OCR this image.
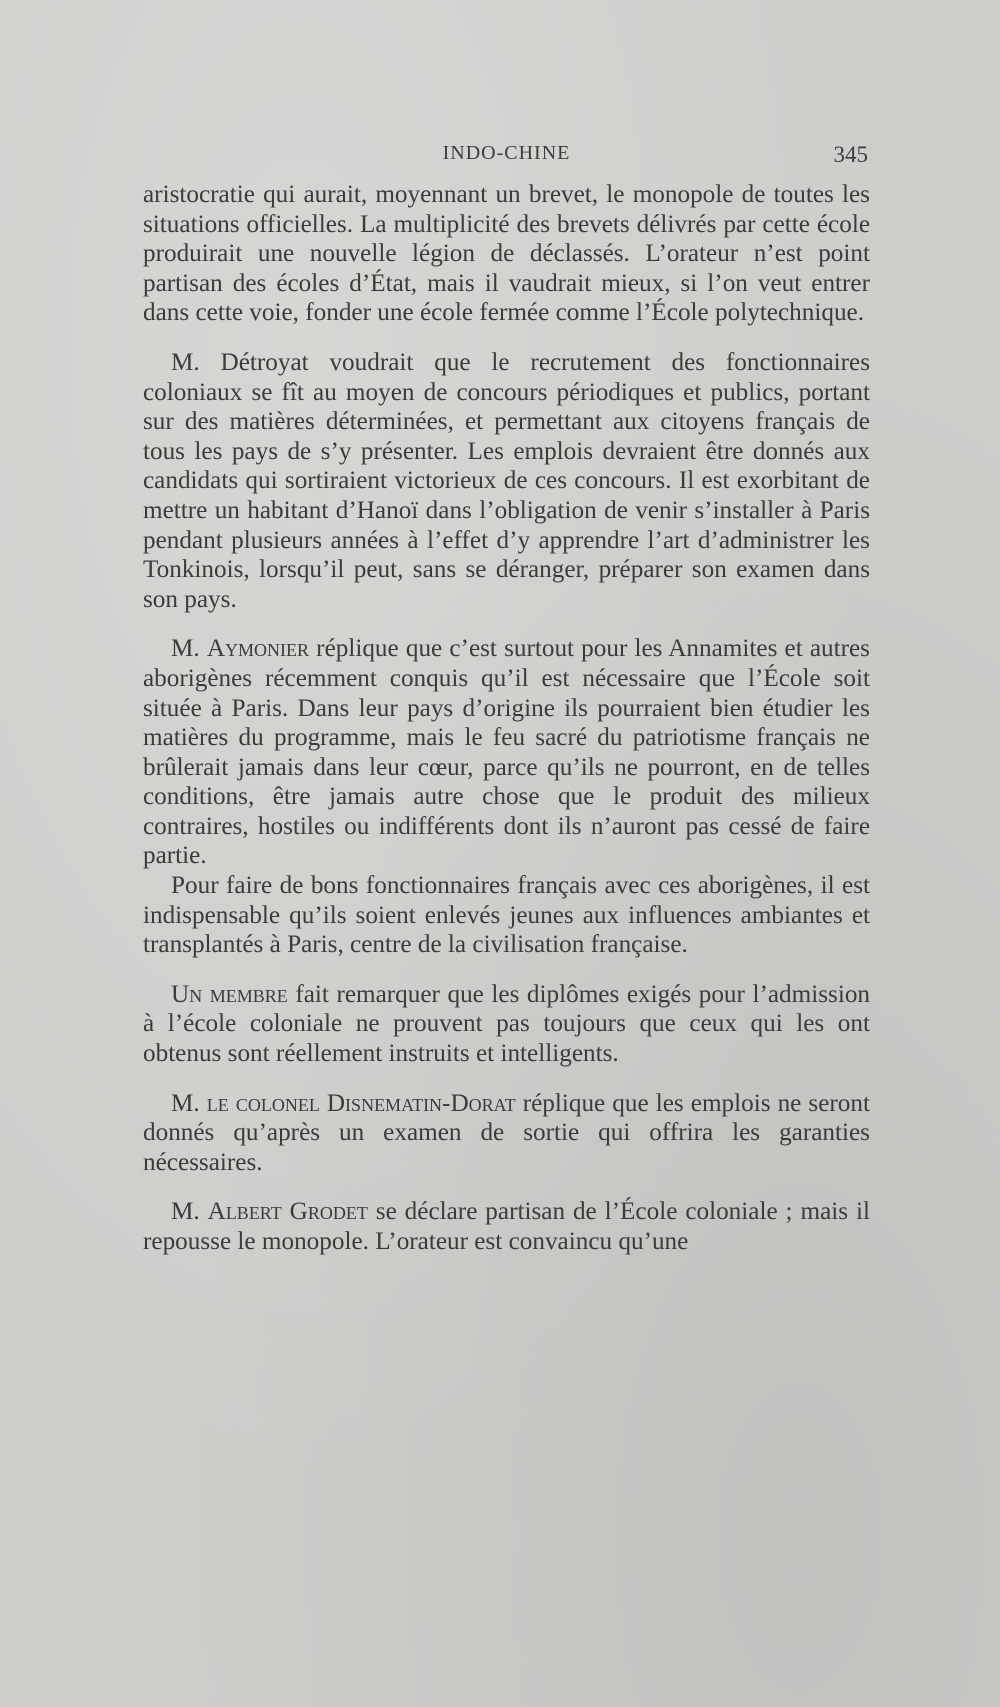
INDO-CHINE	345

aristocratie qui aurait, moyennant un brevet, le monopole de toutes les situations officielles. La multiplicité des brevets délivrés par cette école produirait une nouvelle légion de déclassés. L’orateur n’est point partisan des écoles d’État, mais il vaudrait mieux, si l’on veut entrer dans cette voie, fonder une école fermée comme l’École polytechnique.

M. Détroyat voudrait que le recrutement des fonctionnaires coloniaux se fît au moyen de concours périodiques et publics, portant sur des matières déterminées, et permettant aux citoyens français de tous les pays de s’y présenter. Les emplois devraient être donnés aux candidats qui sortiraient victorieux de ces concours. Il est exorbitant de mettre un habitant d’Hanoï dans l’obligation de venir s’installer à Paris pendant plusieurs années à l’effet d’y apprendre l’art d’administrer les Tonkinois, lorsqu’il peut, sans se déranger, préparer son examen dans son pays.

M. Aymonier réplique que c’est surtout pour les Annamites et autres aborigènes récemment conquis qu’il est nécessaire que l’École soit située à Paris. Dans leur pays d’origine ils pourraient bien étudier les matières du programme, mais le feu sacré du patriotisme français ne brûlerait jamais dans leur cœur, parce qu’ils ne pourront, en de telles conditions, être jamais autre chose que le produit des milieux contraires, hostiles ou indifférents dont ils n’auront pas cessé de faire partie.

Pour faire de bons fonctionnaires français avec ces aborigènes, il est indispensable qu’ils soient enlevés jeunes aux influences ambiantes et transplantés à Paris, centre de la civilisation française.

Un membre fait remarquer que les diplômes exigés pour l’admission à l’école coloniale ne prouvent pas toujours que ceux qui les ont obtenus sont réellement instruits et intelligents.

M. le colonel Disnematin-Dorat réplique que les emplois ne seront donnés qu’après un examen de sortie qui offrira les garanties nécessaires.

M. Albert Grodet se déclare partisan de l’École coloniale ; mais il repousse le monopole. L’orateur est convaincu qu’une
